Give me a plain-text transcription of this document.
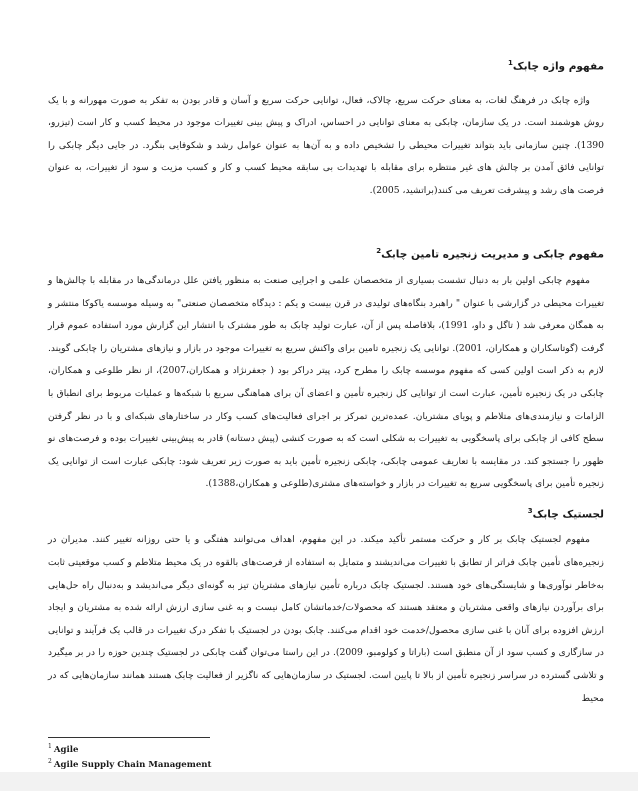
مفهوم واژه چابک$^1$

واژه چابک در فرهنگ لغات، به معنای حرکت سریع، چالاک، فعال، توانایی حرکت سریع و آسان و قادر بودن به تفکر به صورت مهورانه و با یک روش هوشمند است. در یک سازمان، چابکی به معنای توانایی در احساس، ادراک و پیش بینی تغییرات موجود در محیط کسب و کار است (تیزرو، 1390). چنین سازمانی باید بتواند تغییرات محیطی را تشخیص داده و به آن‌ها به عنوان عوامل رشد و شکوفایی بنگرد. در جایی دیگر چابکی را توانایی فائق آمدن بر چالش های غیر منتظره برای مقابله با تهدیدات بی سابقه محیط کسب و کار و کسب مزیت و سود از تغییرات، به عنوان فرصت های رشد و پیشرفت تعریف می کنند(براتشید، 2005).

مفهوم چابکی و مدیریت زنجیره تامین چابک$^2$

مفهوم چابکی اولین بار به دنبال تشست بسیاری از متخصصان علمی و اجرایی صنعت به منظور یافتن علل درماندگی‌ها در مقابله با چالش‌ها و تغییرات محیطی در گزارشی با عنوان " راهبرد بنگاه‌های تولیدی در قرن بیست و یکم : دیدگاه متخصصان صنعتی" به وسیله موسسه یاکوکا منتشر و به همگان معرفی شد ( تاگل و داو، 1991)، بلافاصله پس از آن، عبارت تولید چابک به طور مشترک با انتشار این گزارش مورد استفاده عموم قرار گرفت (گوتاسکاران و همکاران، 2001). توانایی یک زنجیره تامین برای واکنش سریع به تغییرات موجود در بازار و نیازهای مشتریان را چابکی گویند. لازم به ذکر است اولین کسی که مفهوم موسسه چابک را مطرح کرد، پیتر دراکر بود ( جعفرنژاد و همکاران،2007)، از نظر طلوعی و همکاران، چابکی در یک زنجیره تأمین، عبارت است از توانایی کل زنجیره تأمین و اعضای آن برای هماهنگی سریع با شبکه‌ها و عملیات مربوط برای انطباق با الزامات و نیازمندی‌های متلاطم و پویای مشتریان. عمده‌ترین تمرکز بر اجرای فعالیت‌های کسب وکار در ساختارهای شبکه‌ای و با در نظر گرفتن سطح کافی از چابکی برای پاسخگویی به تغییرات به شکلی است که به صورت کنشی (پیش دستانه) قادر به پیش‌بینی تغییرات بوده و فرصت‌های نو ظهور را جستجو کند. در مقایسه با تعاریف عمومی چابکی، چابکی زنجیره تأمین باید به صورت زیر تعریف شود: چابکی عبارت است از توانایی یک زنجیره تأمین برای پاسخگویی سریع به تغییرات در بازار و خواسته‌های مشتری(طلوعی و همکاران،1388).

لجستیک چابک$^3$

مفهوم لجستیک چابک بر کار و حرکت مستمر تأکید میکند. در این مفهوم، اهداف می‌توانند هفتگی و یا حتی روزانه تغییر کنند. مدیران در زنجیره‌های تأمین چابک فراتر از تطابق با تغییرات می‌اندیشند و متمایل به استفاده از فرصت‌های بالقوه در یک محیط متلاطم و کسب موقعیتی ثابت به‌خاطر نوآوری‌ها و شایستگی‌های خود هستند. لجستیک چابک درباره تأمین نیازهای مشتریان تیز به گونه‌ای دیگر می‌اندیشد و به‌دنبال راه حل‌هایی برای برآوردن نیازهای واقعی مشتریان و معتقد هستند که محصولات/خدماتشان کامل نیست و به غنی سازی ارزش ارائه شده به مشتریان و ایجاد ارزش افزوده برای آنان با غنی سازی محصول/خدمت خود اقدام می‌کنند. چابک بودن در لجستیک با تفکر درک تغییرات در قالب یک فرآیند و توانایی در سازگاری و کسب سود از آن منطبق است (باراتا و کولومبو، 2009). در این راستا می‌توان گفت چابکی در لجستیک چندین حوزه را در بر میگیرد و تلاشی گسترده در سراسر زنجیره تأمین از بالا تا پایین است. لجستیک در سازمان‌هایی که ناگزیر از فعالیت چابک هستند همانند سازمان‌هایی که در محیط

$^1$ Agile
$^2$ Agile Supply Chain Management
